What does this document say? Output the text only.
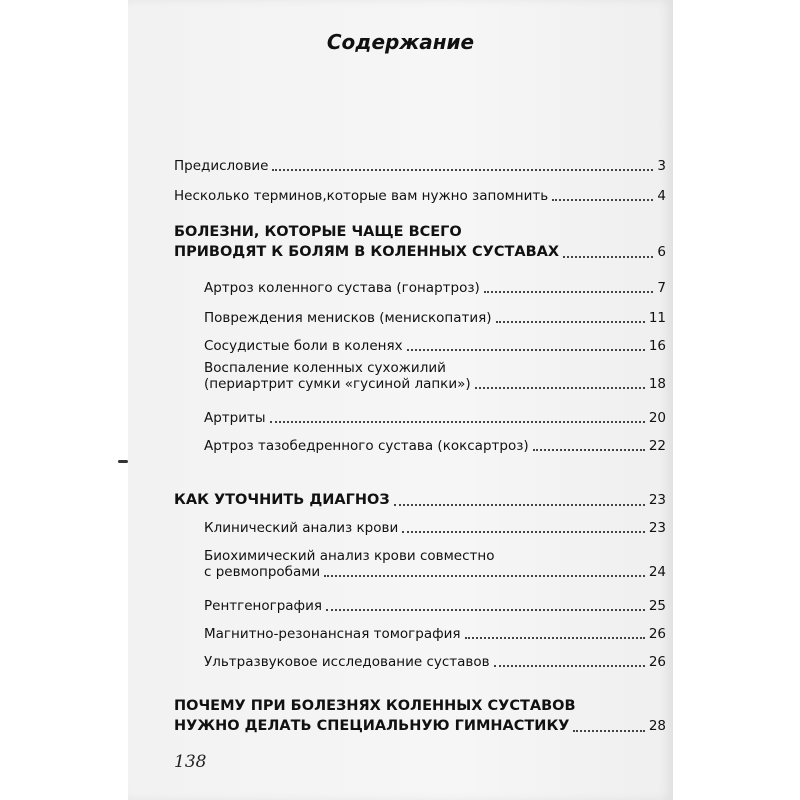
Содержание
Предисловие	3
Несколько терминов,которые вам нужно запомнить	4
БОЛЕЗНИ, КОТОРЫЕ ЧАЩЕ ВСЕГО
ПРИВОДЯТ К БОЛЯМ В КОЛЕННЫХ СУСТАВАХ	6
Артроз коленного сустава (гонартроз)	7
Повреждения менисков (менископатия)	11
Сосудистые боли в коленях	16
Воспаление коленных сухожилий
(периартрит сумки «гусиной лапки»)	18
Артриты	20
Артроз тазобедренного сустава (коксартроз)	22
КАК УТОЧНИТЬ ДИАГНОЗ	23
Клинический анализ крови	23
Биохимический анализ крови совместно
с ревмопробами	24
Рентгенография	25
Магнитно-резонансная томография	26
Ультразвуковое исследование суставов	26
ПОЧЕМУ ПРИ БОЛЕЗНЯХ КОЛЕННЫХ СУСТАВОВ
НУЖНО ДЕЛАТЬ СПЕЦИАЛЬНУЮ ГИМНАСТИКУ	28
138
